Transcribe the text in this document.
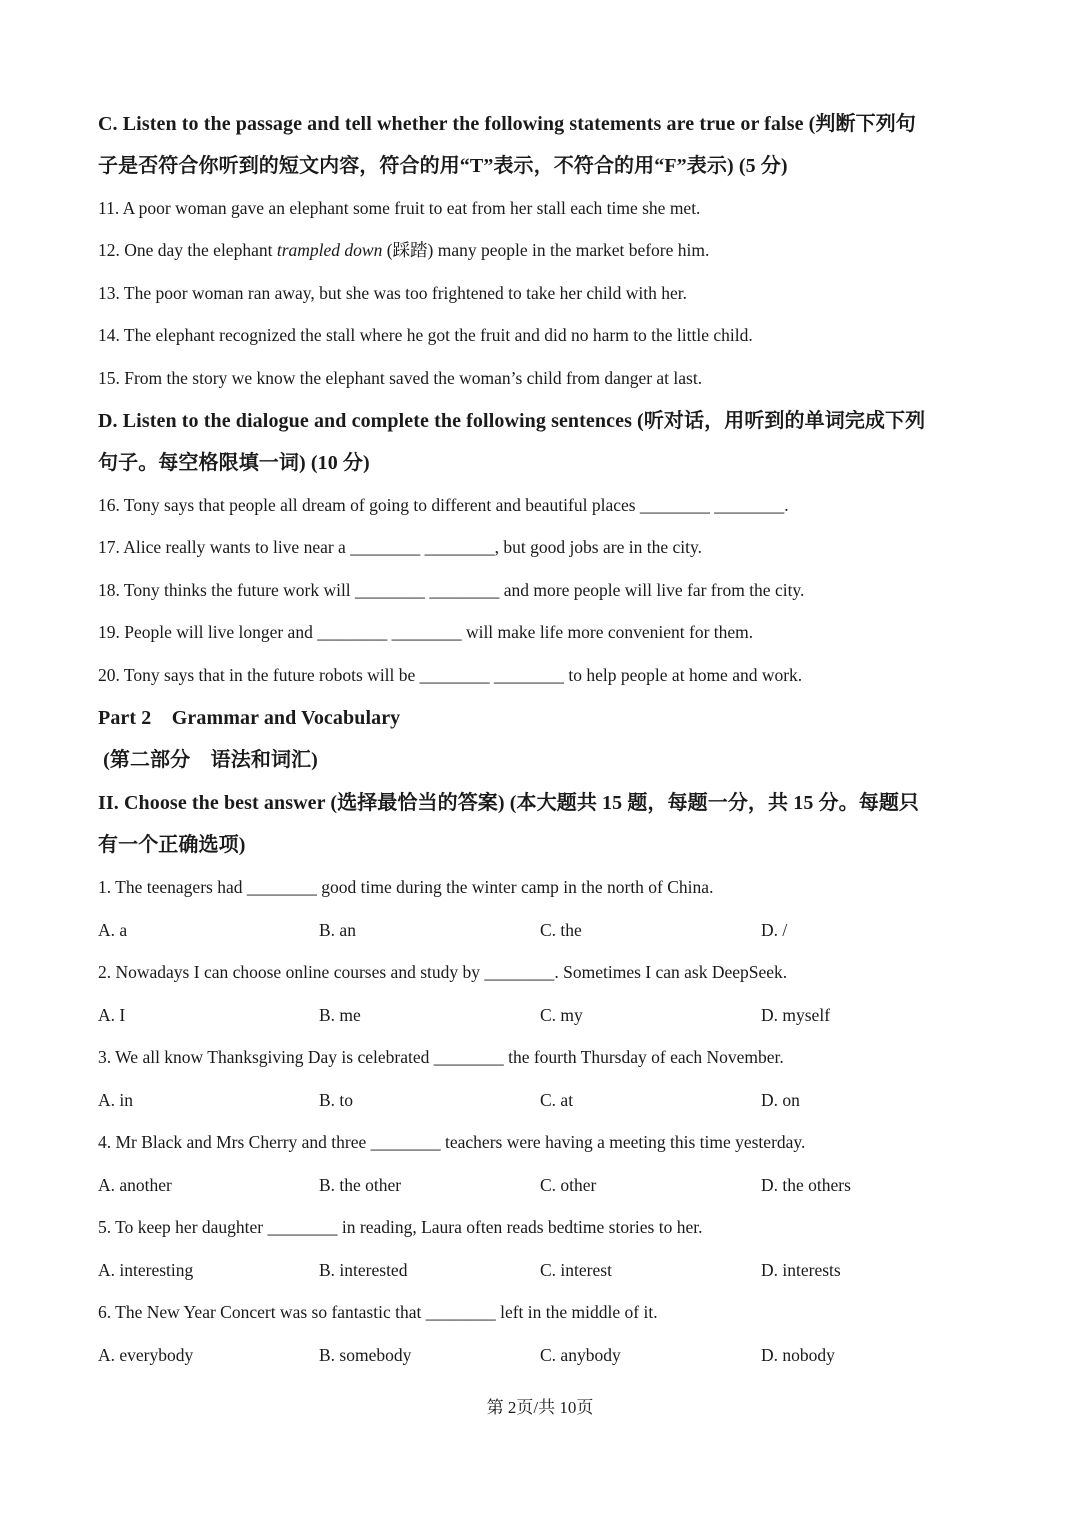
C. Listen to the passage and tell whether the following statements are true or false (判断下列句
子是否符合你听到的短文内容，符合的用“T”表示，不符合的用“F”表示) (5 分)
11. A poor woman gave an elephant some fruit to eat from her stall each time she met.
12. One day the elephant trampled down (踩踏) many people in the market before him.
13. The poor woman ran away, but she was too frightened to take her child with her.
14. The elephant recognized the stall where he got the fruit and did no harm to the little child.
15. From the story we know the elephant saved the woman’s child from danger at last.
D. Listen to the dialogue and complete the following sentences (听对话，用听到的单词完成下列
句子。每空格限填一词) (10 分)
16. Tony says that people all dream of going to different and beautiful places ________ ________.
17. Alice really wants to live near a ________ ________, but good jobs are in the city.
18. Tony thinks the future work will ________ ________ and more people will live far from the city.
19. People will live longer and ________ ________ will make life more convenient for them.
20. Tony says that in the future robots will be ________ ________ to help people at home and work.
Part 2    Grammar and Vocabulary
(第二部分    语法和词汇)
II. Choose the best answer (选择最恰当的答案) (本大题共 15 题，每题一分，共 15 分。每题只
有一个正确选项)
1. The teenagers had ________ good time during the winter camp in the north of China.
A. a	B. an	C. the	D. /
2. Nowadays I can choose online courses and study by ________. Sometimes I can ask DeepSeek.
A. I	B. me	C. my	D. myself
3. We all know Thanksgiving Day is celebrated ________ the fourth Thursday of each November.
A. in	B. to	C. at	D. on
4. Mr Black and Mrs Cherry and three ________ teachers were having a meeting this time yesterday.
A. another	B. the other	C. other	D. the others
5. To keep her daughter ________ in reading, Laura often reads bedtime stories to her.
A. interesting	B. interested	C. interest	D. interests
6. The New Year Concert was so fantastic that ________ left in the middle of it.
A. everybody	B. somebody	C. anybody	D. nobody
第 2页/共 10页
